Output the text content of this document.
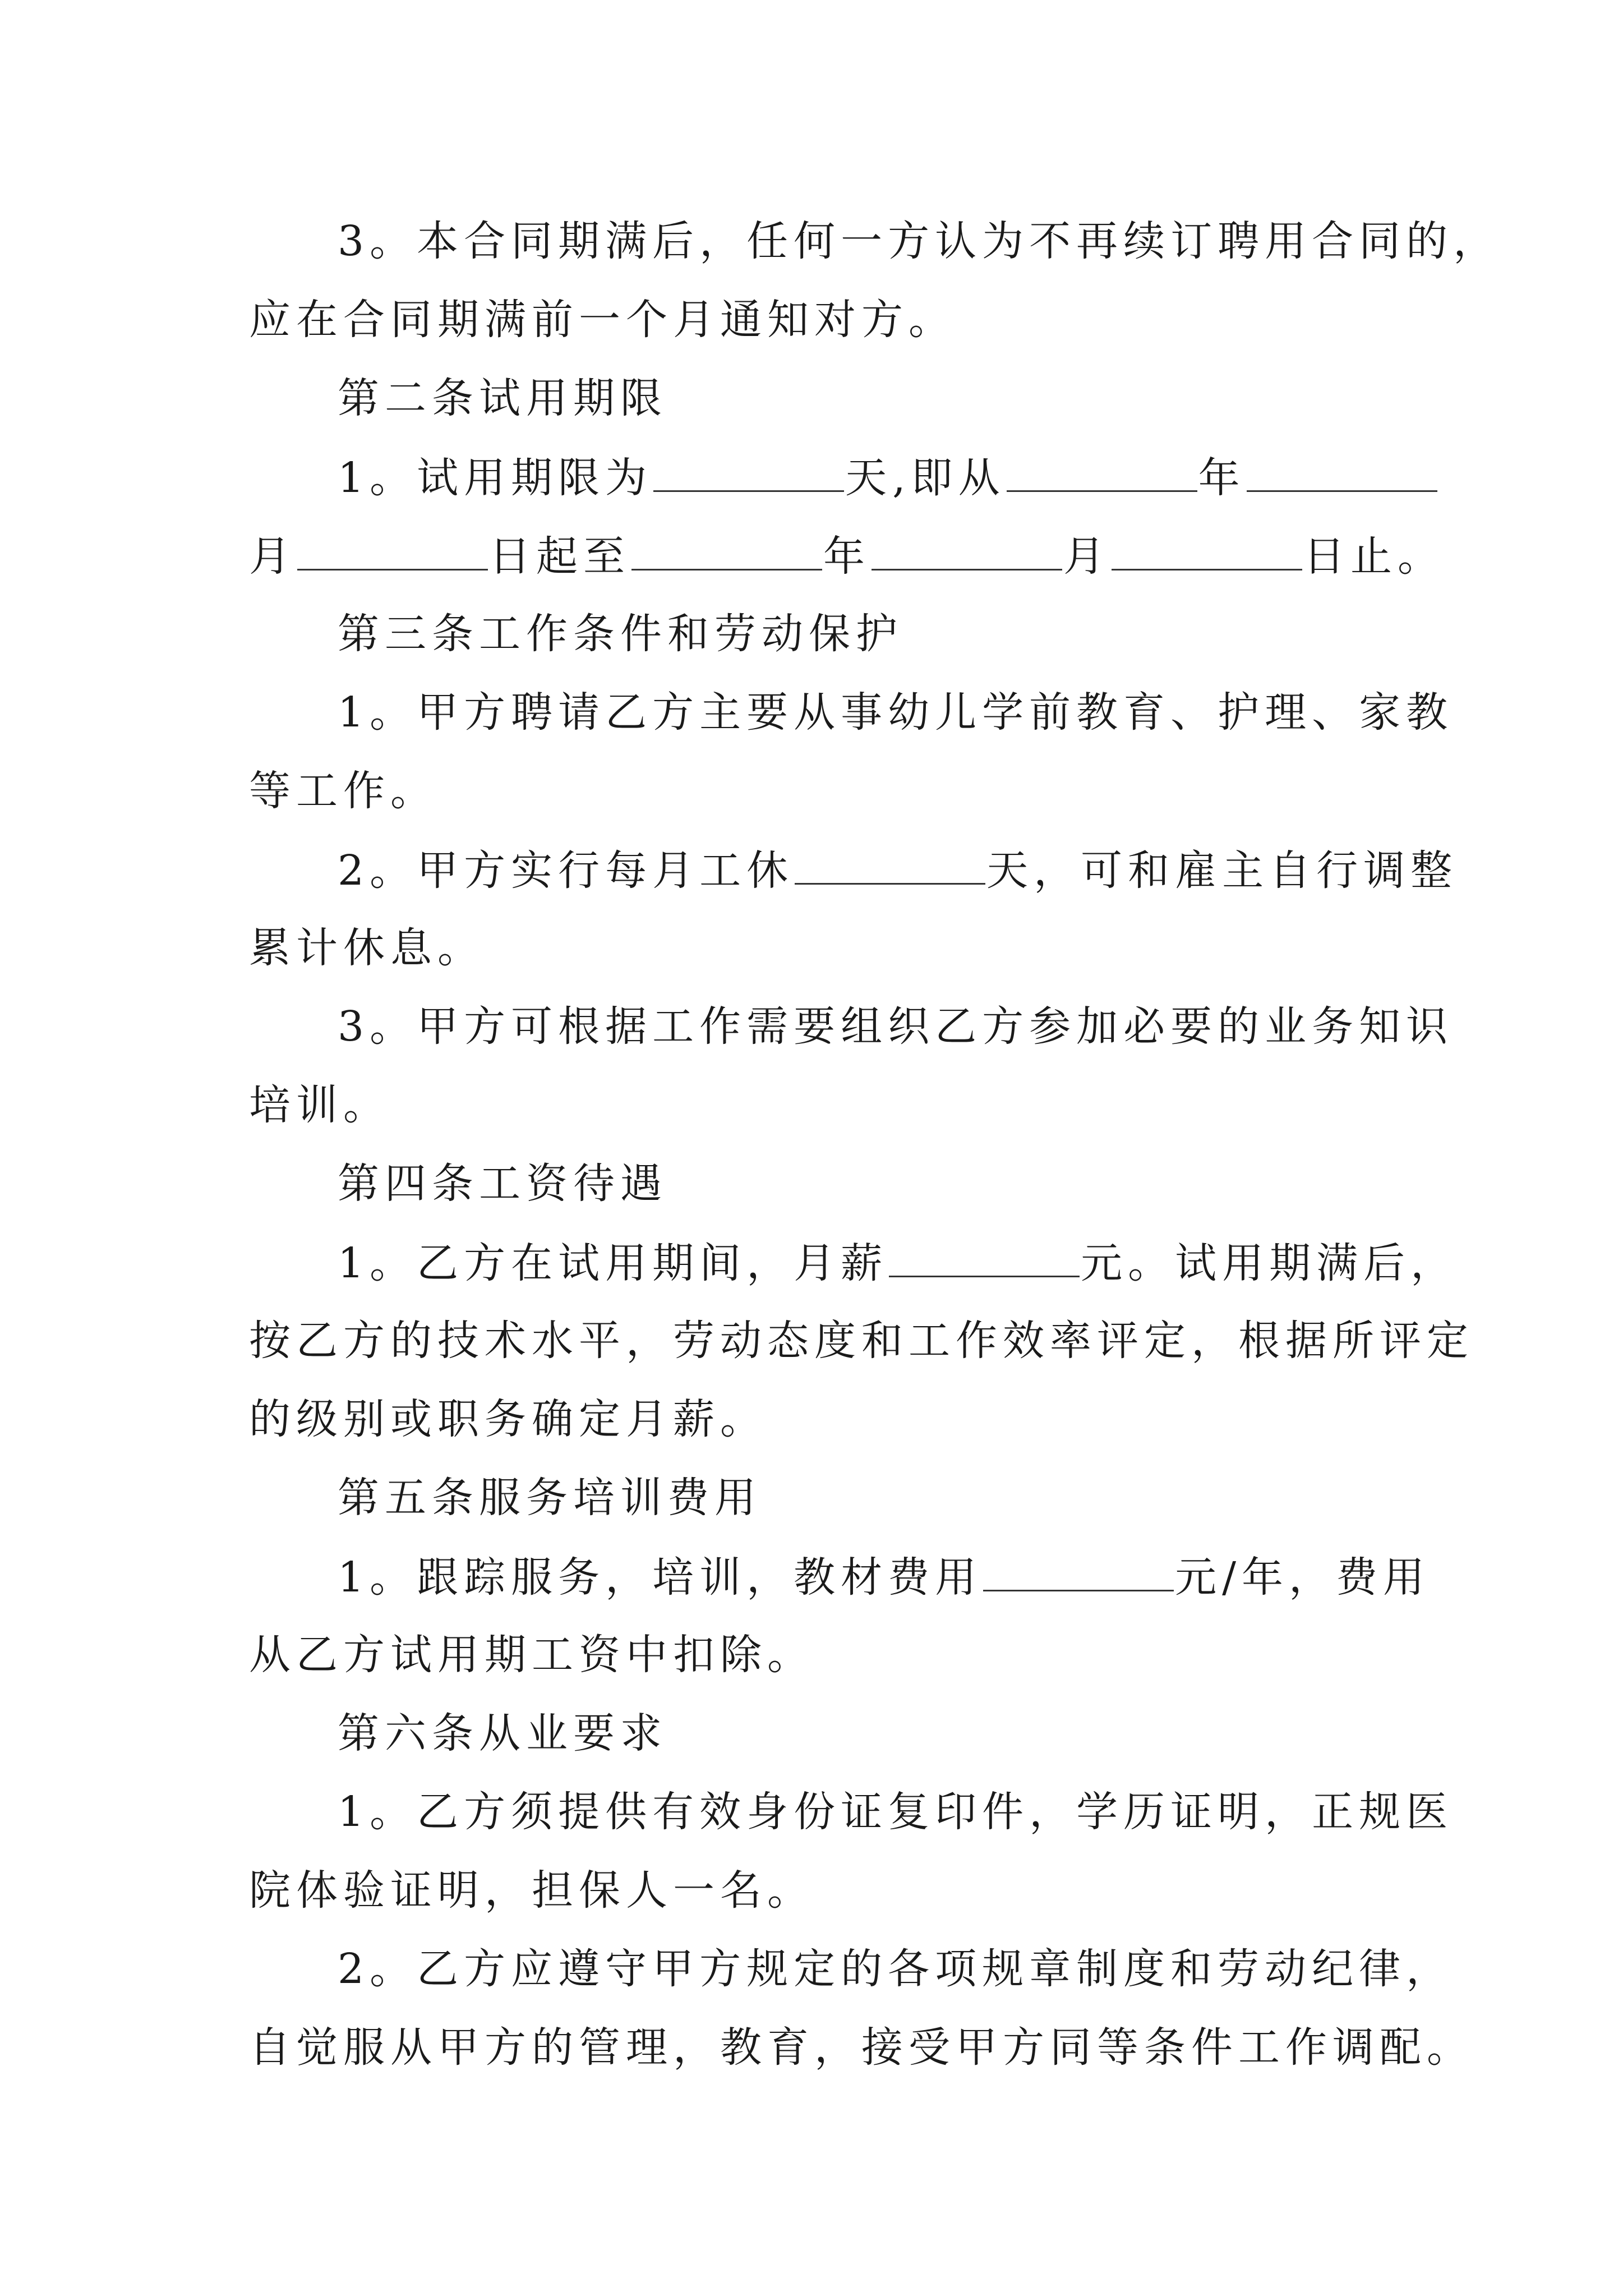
3。本合同期满后，任何一方认为不再续订聘用合同的，
应在合同期满前一个月通知对方。
第二条试用期限
1。试用期限为	天,即从	年
月	日起至	年	月	日止。
第三条工作条件和劳动保护
1。甲方聘请乙方主要从事幼儿学前教育、护理、家教
等工作。
2。甲方实行每月工休	天，可和雇主自行调整
累计休息。
3。甲方可根据工作需要组织乙方参加必要的业务知识
培训。
第四条工资待遇
1。乙方在试用期间，月薪	元。试用期满后，
按乙方的技术水平，劳动态度和工作效率评定，根据所评定
的级别或职务确定月薪。
第五条服务培训费用
1。跟踪服务，培训，教材费用	元/年，费用
从乙方试用期工资中扣除。
第六条从业要求
1。乙方须提供有效身份证复印件，学历证明，正规医
院体验证明，担保人一名。
2。乙方应遵守甲方规定的各项规章制度和劳动纪律，
自觉服从甲方的管理，教育，接受甲方同等条件工作调配。
